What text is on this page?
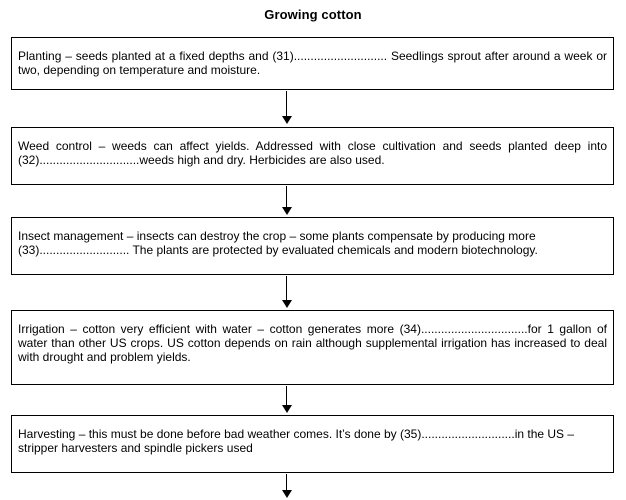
Growing cotton
Planting – seeds planted at a fixed depths and (31)............................ Seedlings sprout after around a week or two, depending on temperature and moisture.
Weed control – weeds can affect yields. Addressed with close cultivation and seeds planted deep into (32)..............................weeds high and dry. Herbicides are also used.
Insect management – insects can destroy the crop – some plants compensate by producing more (33)........................... The plants are protected by evaluated chemicals and modern biotechnology.
Irrigation – cotton very efficient with water – cotton generates more (34)................................for 1 gallon of water than other US crops. US cotton depends on rain although supplemental irrigation has increased to deal with drought and problem yields.
Harvesting – this must be done before bad weather comes. It’s done by (35)............................in the US – stripper harvesters and spindle pickers used
